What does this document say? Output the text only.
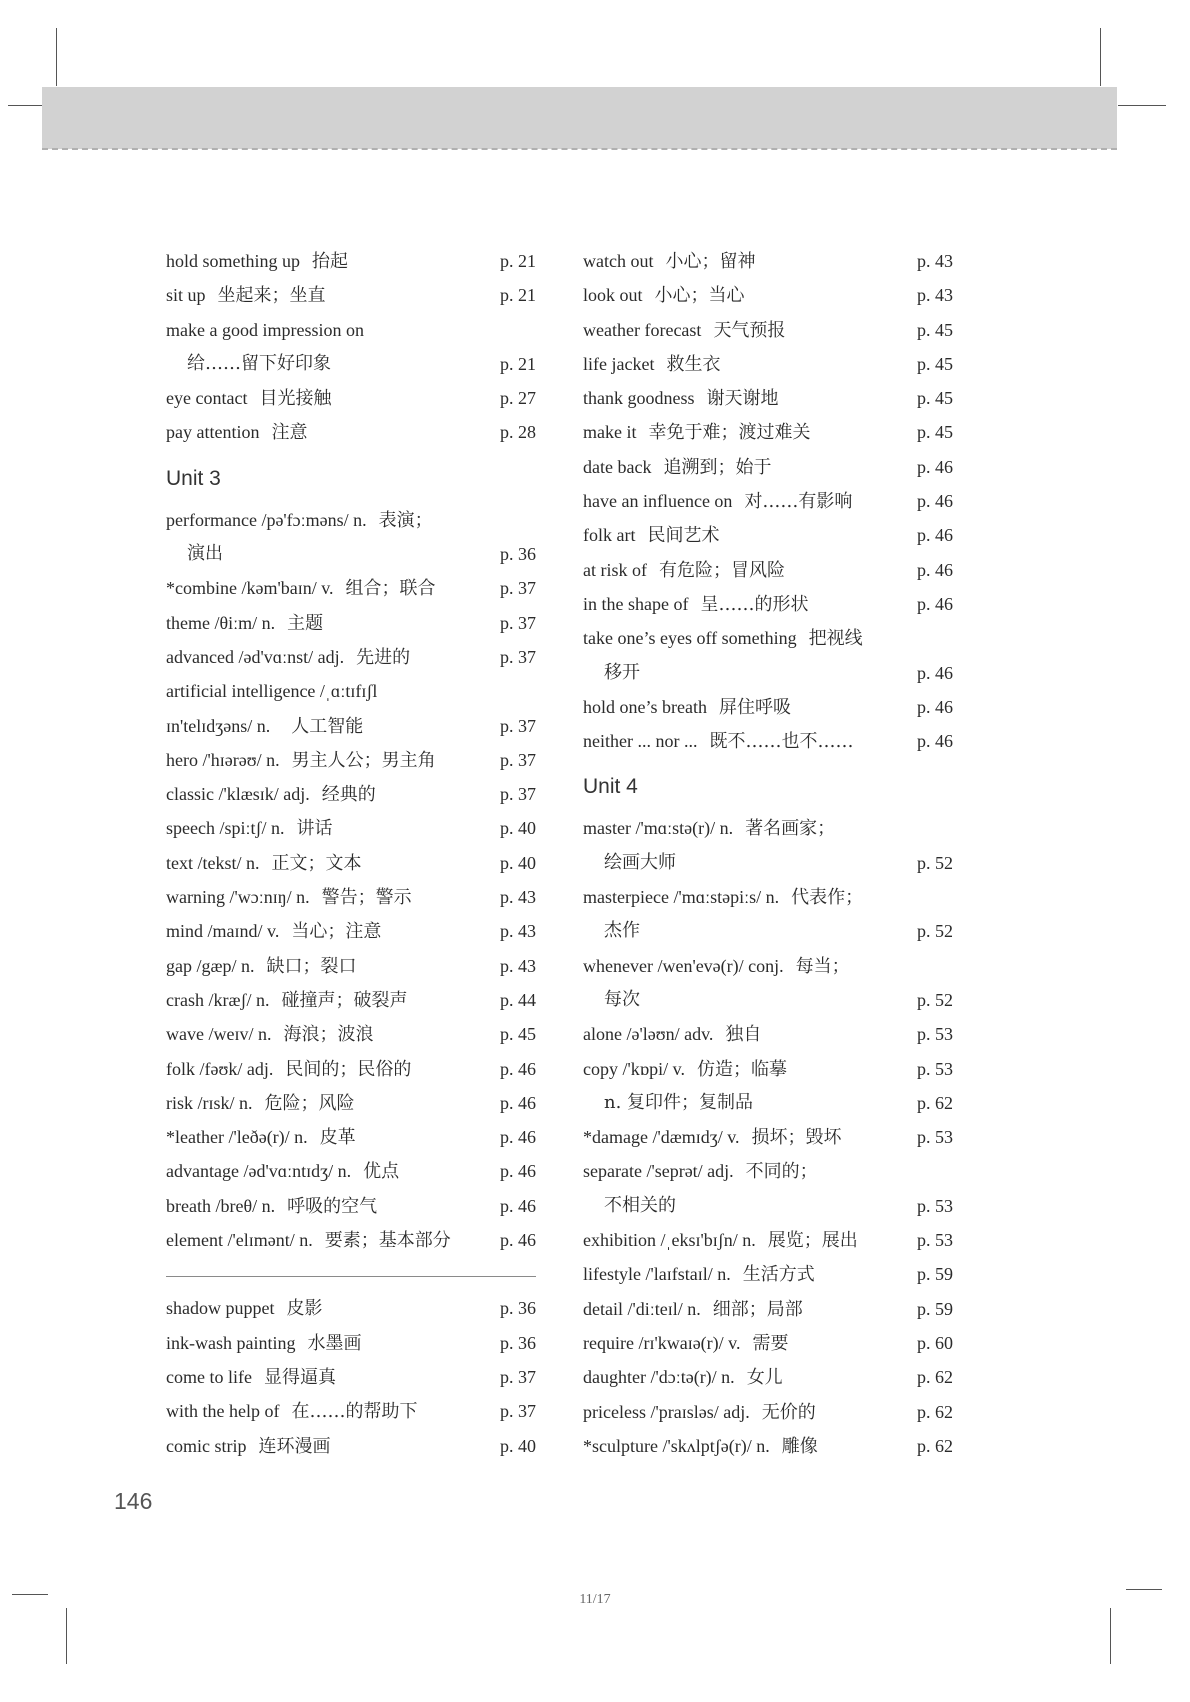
hold something up 抬起	p. 21
sit up 坐起来；坐直	p. 21
make a good impression on
给……留下好印象	p. 21
eye contact 目光接触	p. 27
pay attention 注意	p. 28
Unit 3
performance /pə'fɔːməns/ n. 表演；
演出	p. 36
*combine /kəm'baɪn/ v. 组合；联合	p. 37
theme /θiːm/ n. 主题	p. 37
advanced /əd'vɑːnst/ adj. 先进的	p. 37
artificial intelligence /ˌɑːtɪfɪʃl
ɪn'telɪdʒəns/ n. 人工智能	p. 37
hero /'hɪərəʊ/ n. 男主人公；男主角	p. 37
classic /'klæsɪk/ adj. 经典的	p. 37
speech /spiːtʃ/ n. 讲话	p. 40
text /tekst/ n. 正文；文本	p. 40
warning /'wɔːnɪŋ/ n. 警告；警示	p. 43
mind /maɪnd/ v. 当心；注意	p. 43
gap /gæp/ n. 缺口；裂口	p. 43
crash /kræʃ/ n. 碰撞声；破裂声	p. 44
wave /weɪv/ n. 海浪；波浪	p. 45
folk /fəʊk/ adj. 民间的；民俗的	p. 46
risk /rɪsk/ n. 危险；风险	p. 46
*leather /'leðə(r)/ n. 皮革	p. 46
advantage /əd'vɑːntɪdʒ/ n. 优点	p. 46
breath /breθ/ n. 呼吸的空气	p. 46
element /'elɪmənt/ n. 要素；基本部分	p. 46
shadow puppet 皮影	p. 36
ink-wash painting 水墨画	p. 36
come to life 显得逼真	p. 37
with the help of 在……的帮助下	p. 37
comic strip 连环漫画	p. 40
watch out 小心；留神	p. 43
look out 小心；当心	p. 43
weather forecast 天气预报	p. 45
life jacket 救生衣	p. 45
thank goodness 谢天谢地	p. 45
make it 幸免于难；渡过难关	p. 45
date back 追溯到；始于	p. 46
have an influence on 对……有影响	p. 46
folk art 民间艺术	p. 46
at risk of 有危险；冒风险	p. 46
in the shape of 呈……的形状	p. 46
take one’s eyes off something 把视线
移开	p. 46
hold one’s breath 屏住呼吸	p. 46
neither ... nor ... 既不……也不……	p. 46
Unit 4
master /'mɑːstə(r)/ n. 著名画家；
绘画大师	p. 52
masterpiece /'mɑːstəpiːs/ n. 代表作；
杰作	p. 52
whenever /wen'evə(r)/ conj. 每当；
每次	p. 52
alone /ə'ləʊn/ adv. 独自	p. 53
copy /'kɒpi/ v. 仿造；临摹	p. 53
n. 复印件；复制品	p. 62
*damage /'dæmɪdʒ/ v. 损坏；毁坏	p. 53
separate /'seprət/ adj. 不同的；
不相关的	p. 53
exhibition /ˌeksɪ'bɪʃn/ n. 展览；展出	p. 53
lifestyle /'laɪfstaɪl/ n. 生活方式	p. 59
detail /'diːteɪl/ n. 细部；局部	p. 59
require /rɪ'kwaɪə(r)/ v. 需要	p. 60
daughter /'dɔːtə(r)/ n. 女儿	p. 62
priceless /'praɪsləs/ adj. 无价的	p. 62
*sculpture /'skʌlptʃə(r)/ n. 雕像	p. 62
146
11/17
